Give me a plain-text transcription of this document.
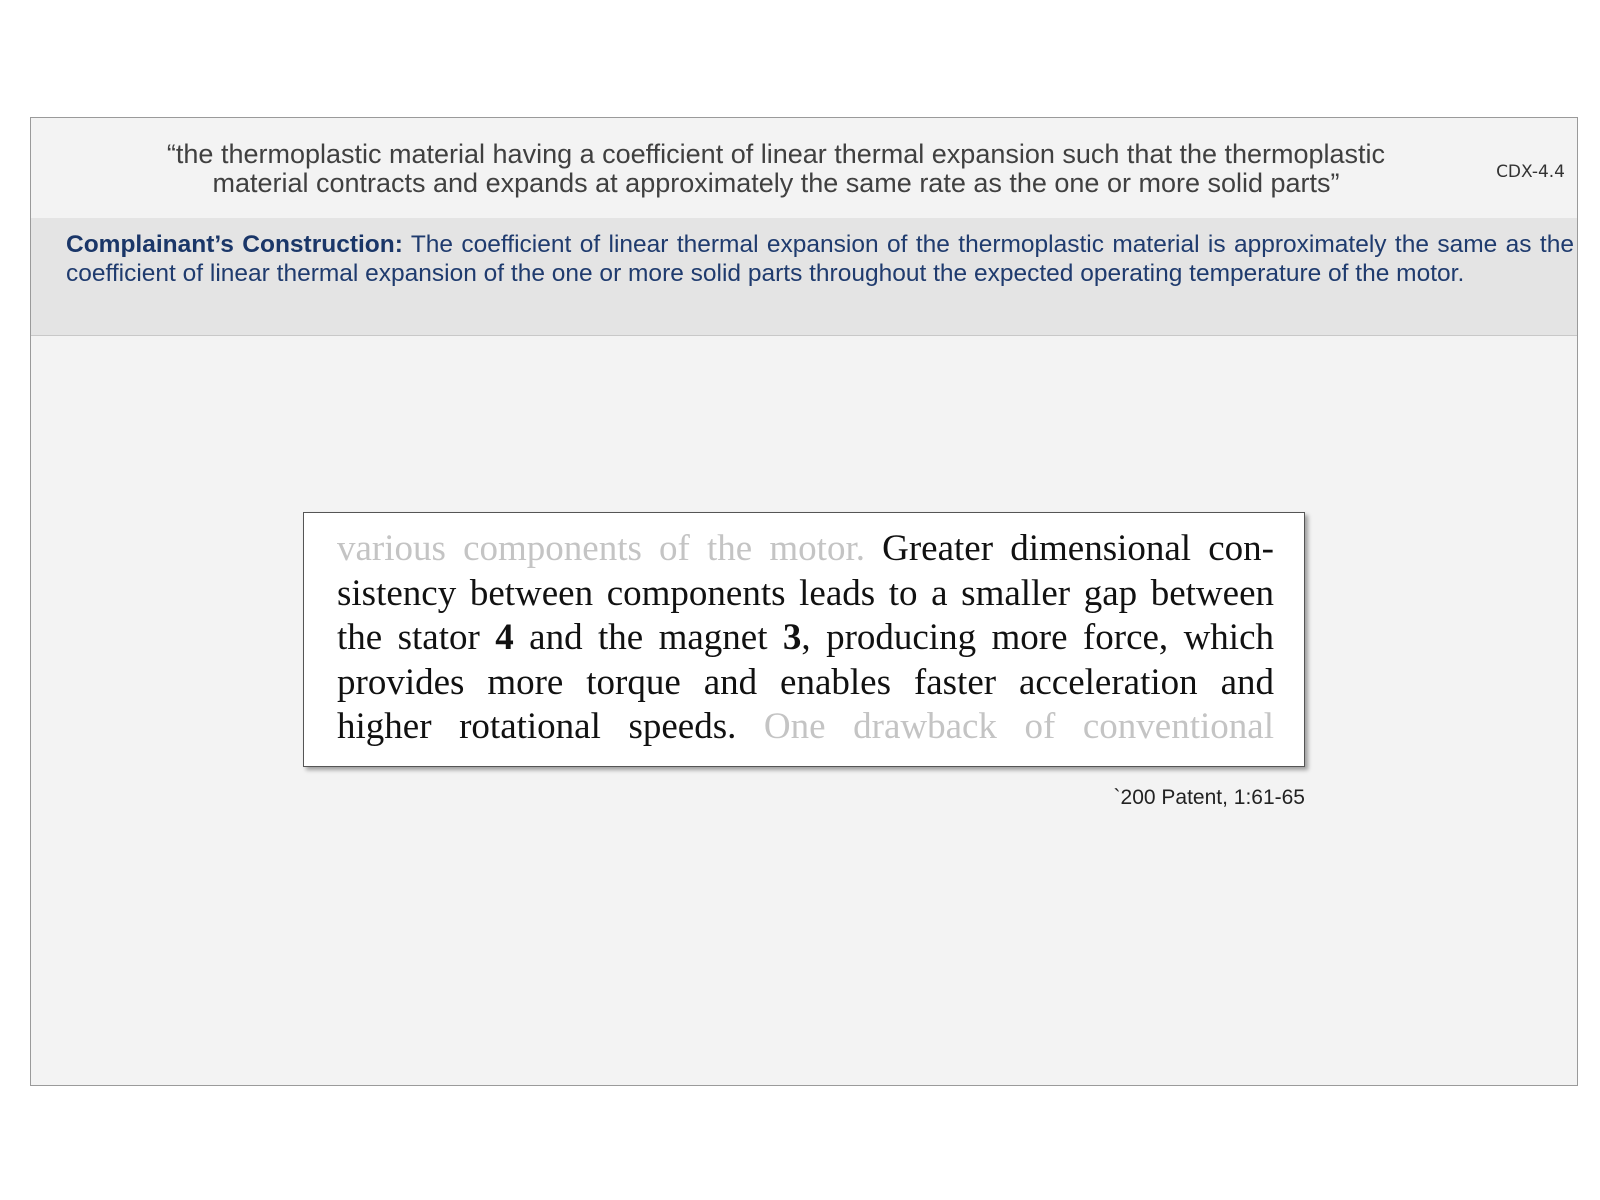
“the thermoplastic material having a coefficient of linear thermal expansion such that the thermoplastic
material contracts and expands at approximately the same rate as the one or more solid parts”	CDX-4.4

Complainant’s Construction: The coefficient of linear thermal expansion of the thermoplastic material is approximately the same as the coefficient of linear thermal expansion of the one or more solid parts throughout the expected operating temperature of the motor.

various components of the motor. Greater dimensional con-
sistency between components leads to a smaller gap between
the stator 4 and the magnet 3, producing more force, which
provides more torque and enables faster acceleration and
higher rotational speeds. One drawback of conventional
`200 Patent, 1:61-65
